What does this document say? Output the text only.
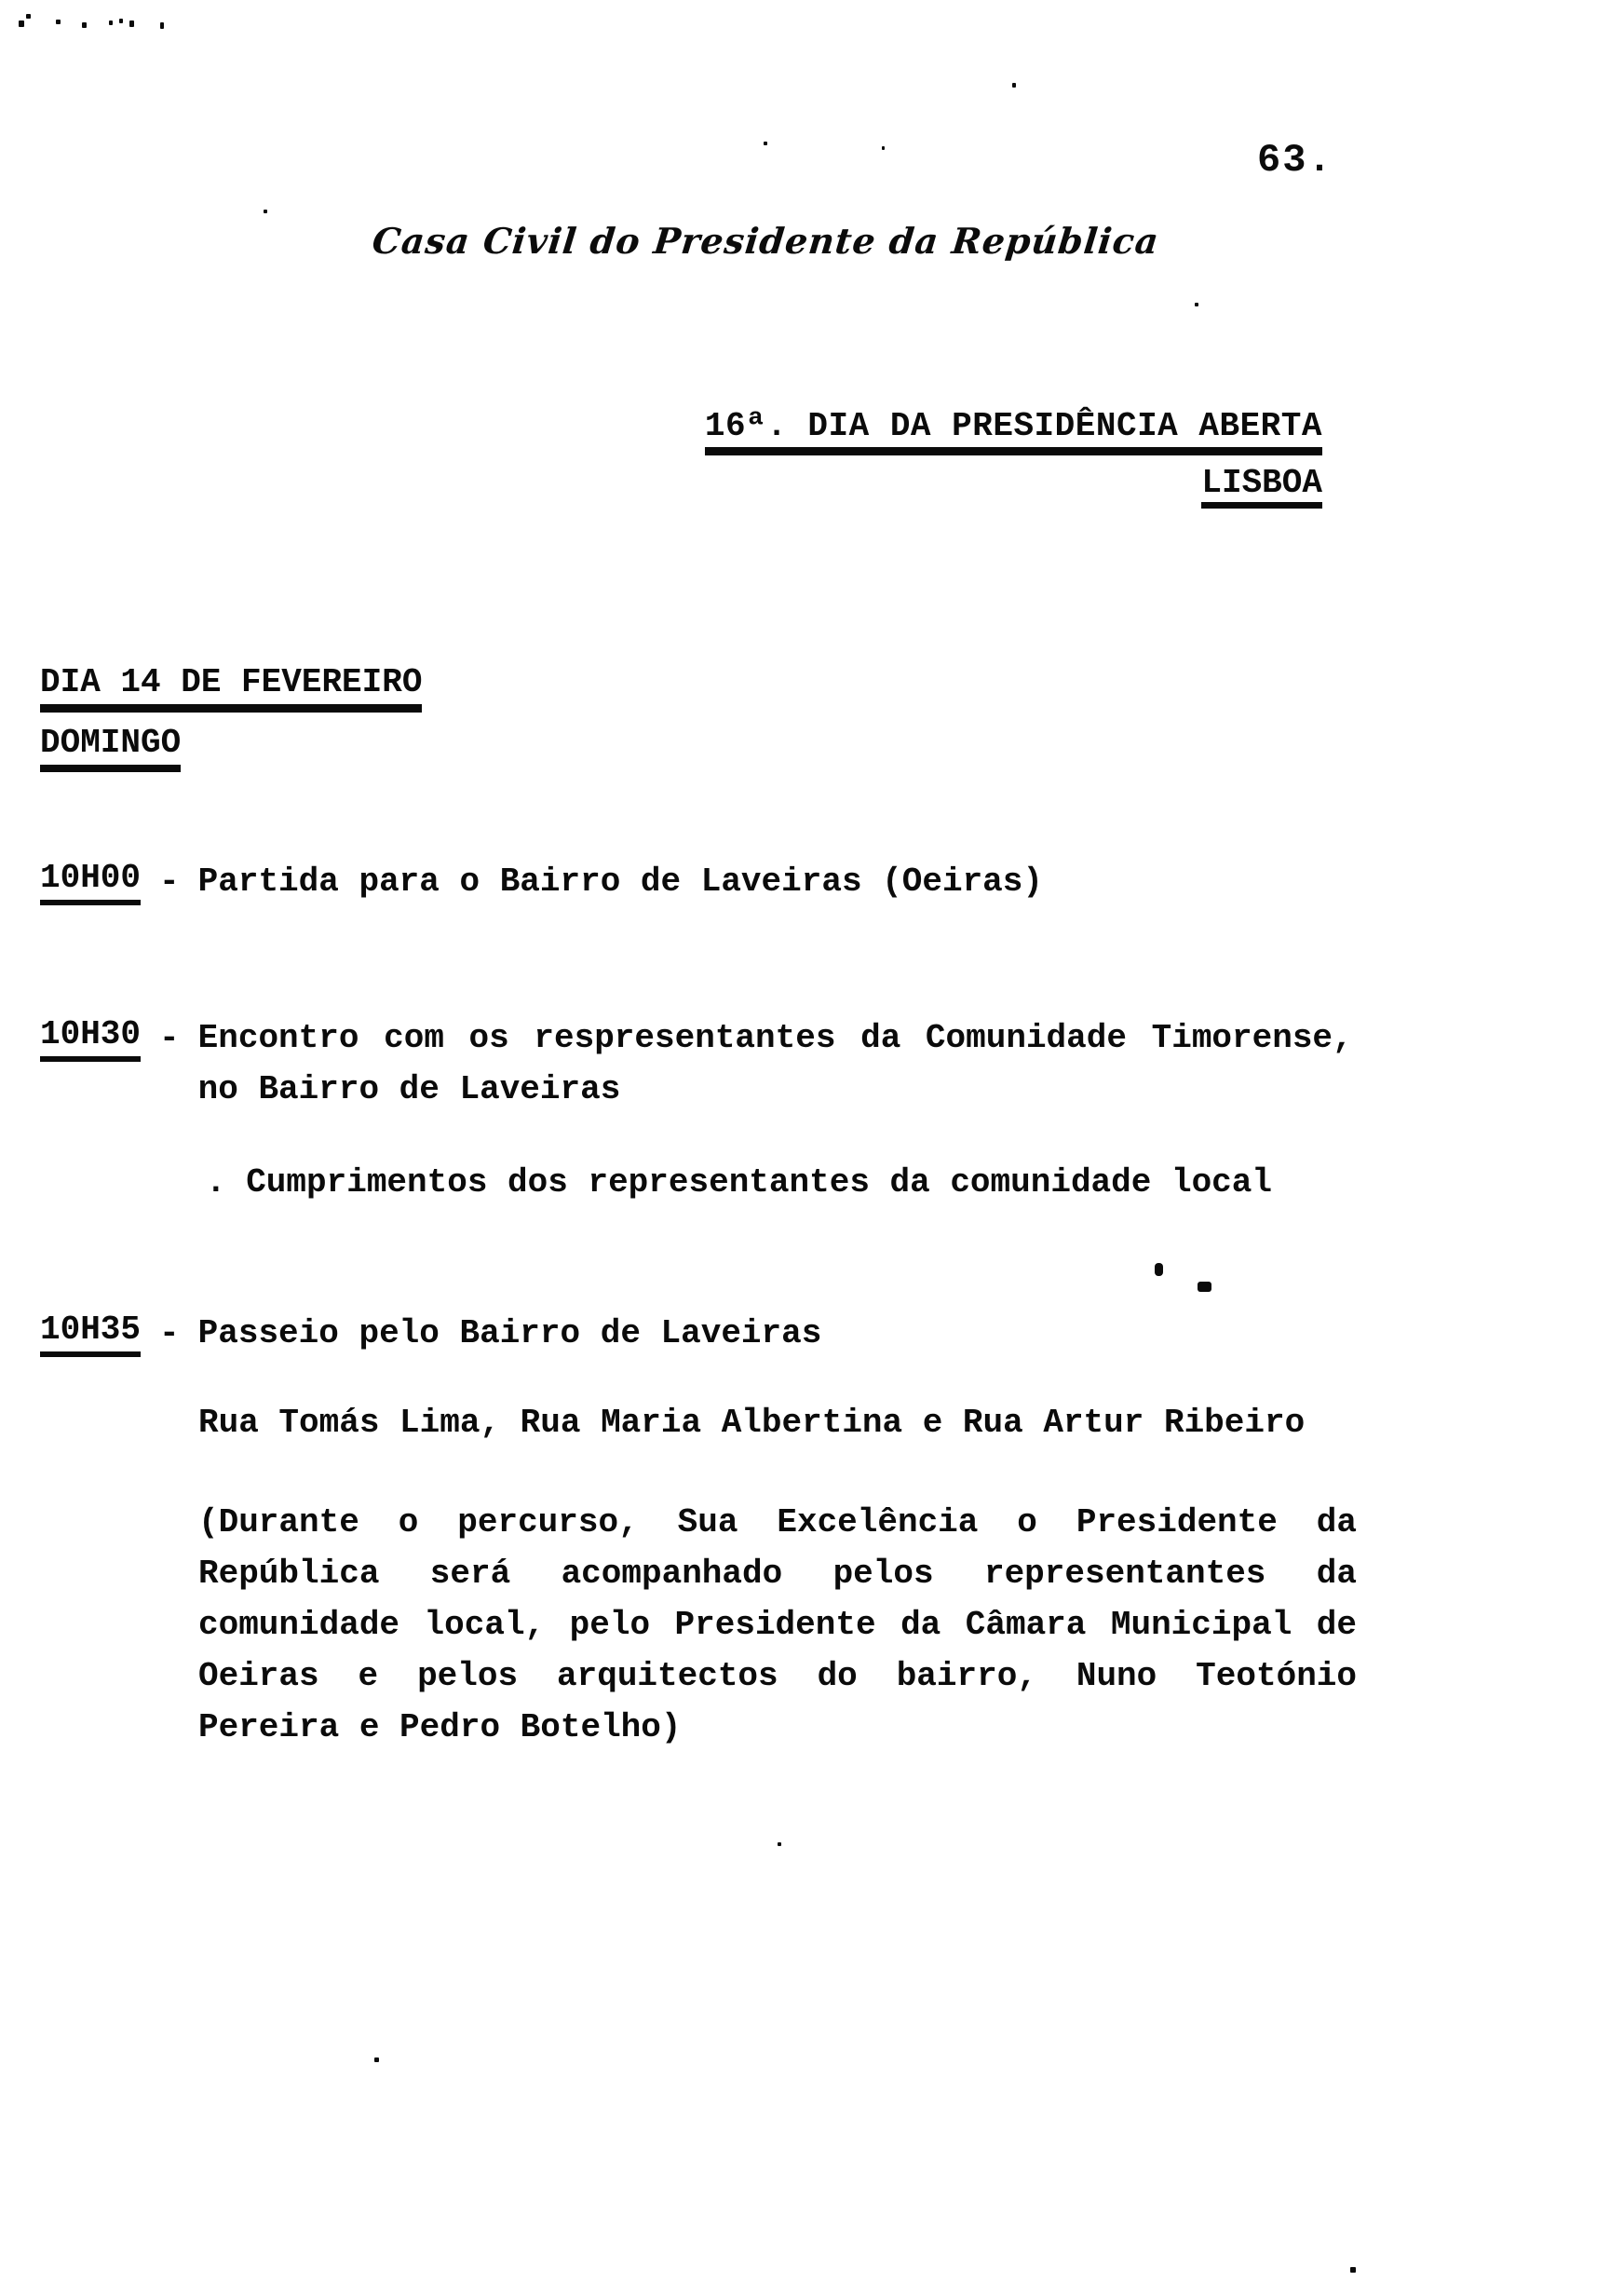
63.
Casa Civil do Presidente da República
16ª. DIA DA PRESIDÊNCIA ABERTA
LISBOA
DIA 14 DE FEVEREIRO
DOMINGO
10H00 - Partida para o Bairro de Laveiras (Oeiras)
10H30 - Encontro com os respresentantes da Comunidade Timorense,
no Bairro de Laveiras
. Cumprimentos dos representantes da comunidade local
10H35 - Passeio pelo Bairro de Laveiras
Rua Tomás Lima, Rua Maria Albertina e Rua Artur Ribeiro
(Durante o percurso, Sua Excelência o Presidente da
República será acompanhado pelos representantes da
comunidade local, pelo Presidente da Câmara Municipal de
Oeiras e pelos arquitectos do bairro, Nuno Teotónio
Pereira e Pedro Botelho)
